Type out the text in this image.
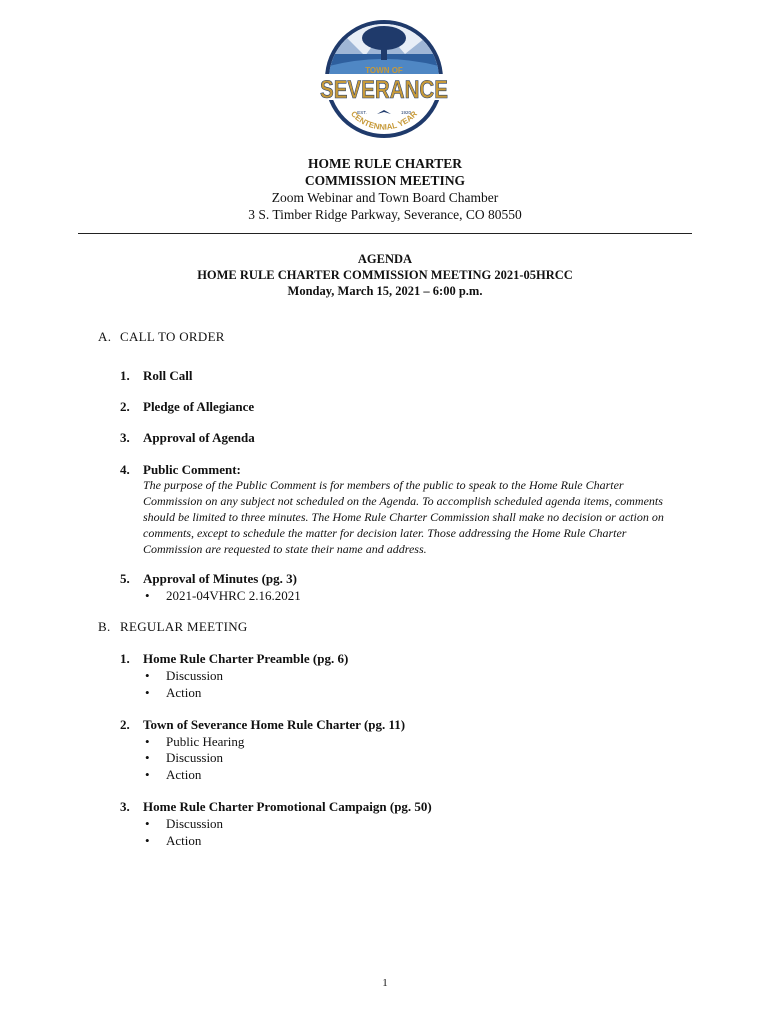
TOWN OF
SEVERANCE
EST.	1920
CENTENNIAL YEAR
HOME RULE CHARTER
COMMISSION MEETING
Zoom Webinar and Town Board Chamber
3 S. Timber Ridge Parkway, Severance, CO 80550
AGENDA
HOME RULE CHARTER COMMISSION MEETING 2021-05HRCC
Monday, March 15, 2021 – 6:00 p.m.
A. CALL TO ORDER
1. Roll Call
2. Pledge of Allegiance
3. Approval of Agenda
4. Public Comment:
The purpose of the Public Comment is for members of the public to speak to the Home Rule Charter Commission on any subject not scheduled on the Agenda. To accomplish scheduled agenda items, comments should be limited to three minutes. The Home Rule Charter Commission shall make no decision or action on comments, except to schedule the matter for decision later. Those addressing the Home Rule Charter Commission are requested to state their name and address.
5. Approval of Minutes (pg. 3)
• 2021-04VHRC 2.16.2021
B. REGULAR MEETING
1. Home Rule Charter Preamble (pg. 6)
• Discussion
• Action
2. Town of Severance Home Rule Charter (pg. 11)
• Public Hearing
• Discussion
• Action
3. Home Rule Charter Promotional Campaign (pg. 50)
• Discussion
• Action
1
